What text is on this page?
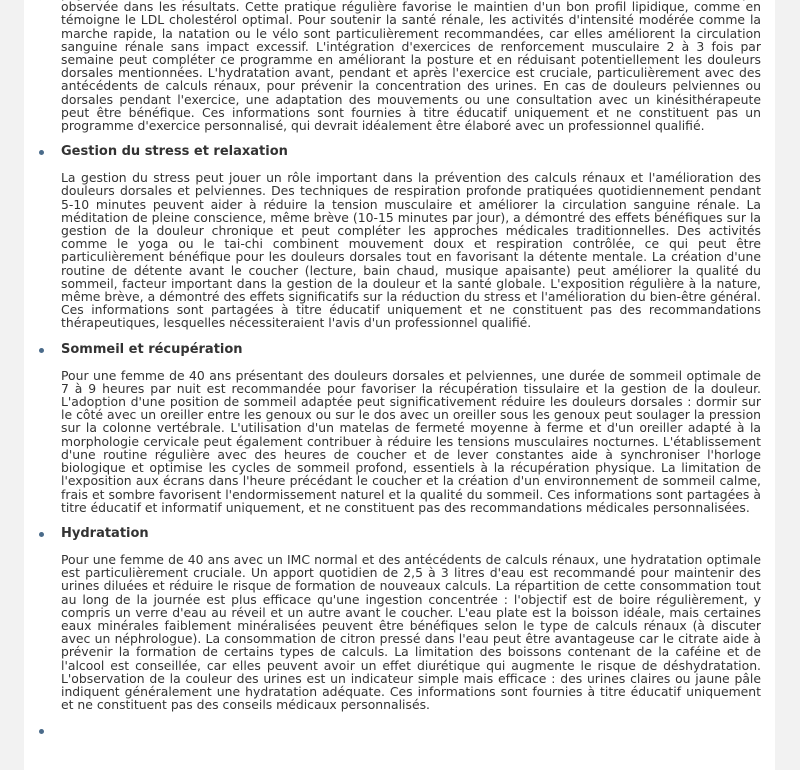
observée dans les résultats. Cette pratique régulière favorise le maintien d'un bon profil lipidique, comme en témoigne le LDL cholestérol optimal. Pour soutenir la santé rénale, les activités d'intensité modérée comme la marche rapide, la natation ou le vélo sont particulièrement recommandées, car elles améliorent la circulation sanguine rénale sans impact excessif. L'intégration d'exercices de renforcement musculaire 2 à 3 fois par semaine peut compléter ce programme en améliorant la posture et en réduisant potentiellement les douleurs dorsales mentionnées. L'hydratation avant, pendant et après l'exercice est cruciale, particulièrement avec des antécédents de calculs rénaux, pour prévenir la concentration des urines. En cas de douleurs pelviennes ou dorsales pendant l'exercice, une adaptation des mouvements ou une consultation avec un kinésithérapeute peut être bénéfique. Ces informations sont fournies à titre éducatif uniquement et ne constituent pas un programme d'exercice personnalisé, qui devrait idéalement être élaboré avec un professionnel qualifié.

Gestion du stress et relaxation

La gestion du stress peut jouer un rôle important dans la prévention des calculs rénaux et l'amélioration des douleurs dorsales et pelviennes. Des techniques de respiration profonde pratiquées quotidiennement pendant 5-10 minutes peuvent aider à réduire la tension musculaire et améliorer la circulation sanguine rénale. La méditation de pleine conscience, même brève (10-15 minutes par jour), a démontré des effets bénéfiques sur la gestion de la douleur chronique et peut compléter les approches médicales traditionnelles. Des activités comme le yoga ou le tai-chi combinent mouvement doux et respiration contrôlée, ce qui peut être particulièrement bénéfique pour les douleurs dorsales tout en favorisant la détente mentale. La création d'une routine de détente avant le coucher (lecture, bain chaud, musique apaisante) peut améliorer la qualité du sommeil, facteur important dans la gestion de la douleur et la santé globale. L'exposition régulière à la nature, même brève, a démontré des effets significatifs sur la réduction du stress et l'amélioration du bien-être général. Ces informations sont partagées à titre éducatif uniquement et ne constituent pas des recommandations thérapeutiques, lesquelles nécessiteraient l'avis d'un professionnel qualifié.

Sommeil et récupération

Pour une femme de 40 ans présentant des douleurs dorsales et pelviennes, une durée de sommeil optimale de 7 à 9 heures par nuit est recommandée pour favoriser la récupération tissulaire et la gestion de la douleur. L'adoption d'une position de sommeil adaptée peut significativement réduire les douleurs dorsales : dormir sur le côté avec un oreiller entre les genoux ou sur le dos avec un oreiller sous les genoux peut soulager la pression sur la colonne vertébrale. L'utilisation d'un matelas de fermeté moyenne à ferme et d'un oreiller adapté à la morphologie cervicale peut également contribuer à réduire les tensions musculaires nocturnes. L'établissement d'une routine régulière avec des heures de coucher et de lever constantes aide à synchroniser l'horloge biologique et optimise les cycles de sommeil profond, essentiels à la récupération physique. La limitation de l'exposition aux écrans dans l'heure précédant le coucher et la création d'un environnement de sommeil calme, frais et sombre favorisent l'endormissement naturel et la qualité du sommeil. Ces informations sont partagées à titre éducatif et informatif uniquement, et ne constituent pas des recommandations médicales personnalisées.

Hydratation

Pour une femme de 40 ans avec un IMC normal et des antécédents de calculs rénaux, une hydratation optimale est particulièrement cruciale. Un apport quotidien de 2,5 à 3 litres d'eau est recommandé pour maintenir des urines diluées et réduire le risque de formation de nouveaux calculs. La répartition de cette consommation tout au long de la journée est plus efficace qu'une ingestion concentrée : l'objectif est de boire régulièrement, y compris un verre d'eau au réveil et un autre avant le coucher. L'eau plate est la boisson idéale, mais certaines eaux minérales faiblement minéralisées peuvent être bénéfiques selon le type de calculs rénaux (à discuter avec un néphrologue). La consommation de citron pressé dans l'eau peut être avantageuse car le citrate aide à prévenir la formation de certains types de calculs. La limitation des boissons contenant de la caféine et de l'alcool est conseillée, car elles peuvent avoir un effet diurétique qui augmente le risque de déshydratation. L'observation de la couleur des urines est un indicateur simple mais efficace : des urines claires ou jaune pâle indiquent généralement une hydratation adéquate. Ces informations sont fournies à titre éducatif uniquement et ne constituent pas des conseils médicaux personnalisés.
